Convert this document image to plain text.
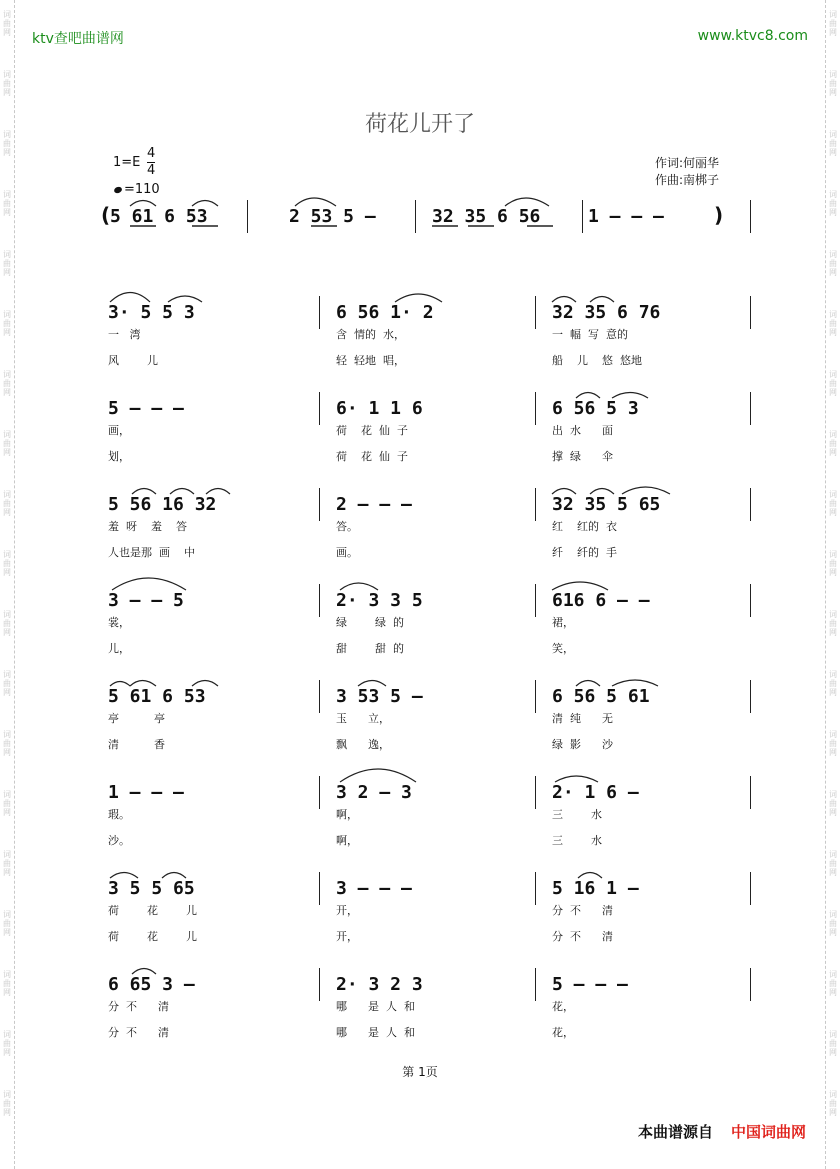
词
曲
网
词
曲
网
词
曲
网
词
曲
网
词
曲
网
词
曲
网
词
曲
网
词
曲
网
词
曲
网
词
曲
网
词
曲
网
词
曲
网
词
曲
网
词
曲
网
词
曲
网
词
曲
网
词
曲
网
词
曲
网
词
曲
网
词
曲
网
词
曲
网
词
曲
网
词
曲
网
词
曲
网
词
曲
网
词
曲
网
词
曲
网
词
曲
网
词
曲
网
词
曲
网
词
曲
网
词
曲
网
词
曲
网
词
曲
网
词
曲
网
词
曲
网
词
曲
网
词
曲
网
ktv查吧曲谱网	www.ktvc8.com
荷花儿开了
$1=E \frac{4}{4}$
=110
作词:何丽华
作曲:南梆子
( 5 61 6 53	2 53 5 –	32 35 6 56	1 – – –	)
3· 5 5 3
一   湾
风        儿
6 56 1· 2
含  情的  水，
轻  轻地  唱，
32 35 6 76
一  幅  写  意的
船    儿    悠  悠地
5 – – –
画，
划，
6· 1 1 6
荷    花  仙  子
荷    花  仙  子
6 56 5 3
出  水      面
撑  绿      伞
5 56 16 32
羞  呀    羞    答
人也是那  画    中
2 – – –
答。
画。
32 35 5 65
红    红的  衣
纤    纤的  手
3 – – 5
裳，
儿，
2· 3 3 5
绿        绿  的
甜        甜  的
616 6 – –
裙，
笑，
5 61 6 53
亭          亭
清          香
3 53 5 –
玉      立，
飘      逸，
6 56 5 61
清  纯      无
绿  影      沙
1 – – –
瑕。
沙。
3 2 – 3
啊，
啊，
2· 1 6 –
三        水
三        水
3 5 5 65
荷        花        儿
荷        花        儿
3 – – –
开，
开，
5 16 1 –
分  不      清
分  不      清
6 65 3 –
分  不      清
分  不      清
2· 3 2 3
哪      是  人  和
哪      是  人  和
5 – – –
花，
花，
第 1页
本曲谱源自 中国词曲网
